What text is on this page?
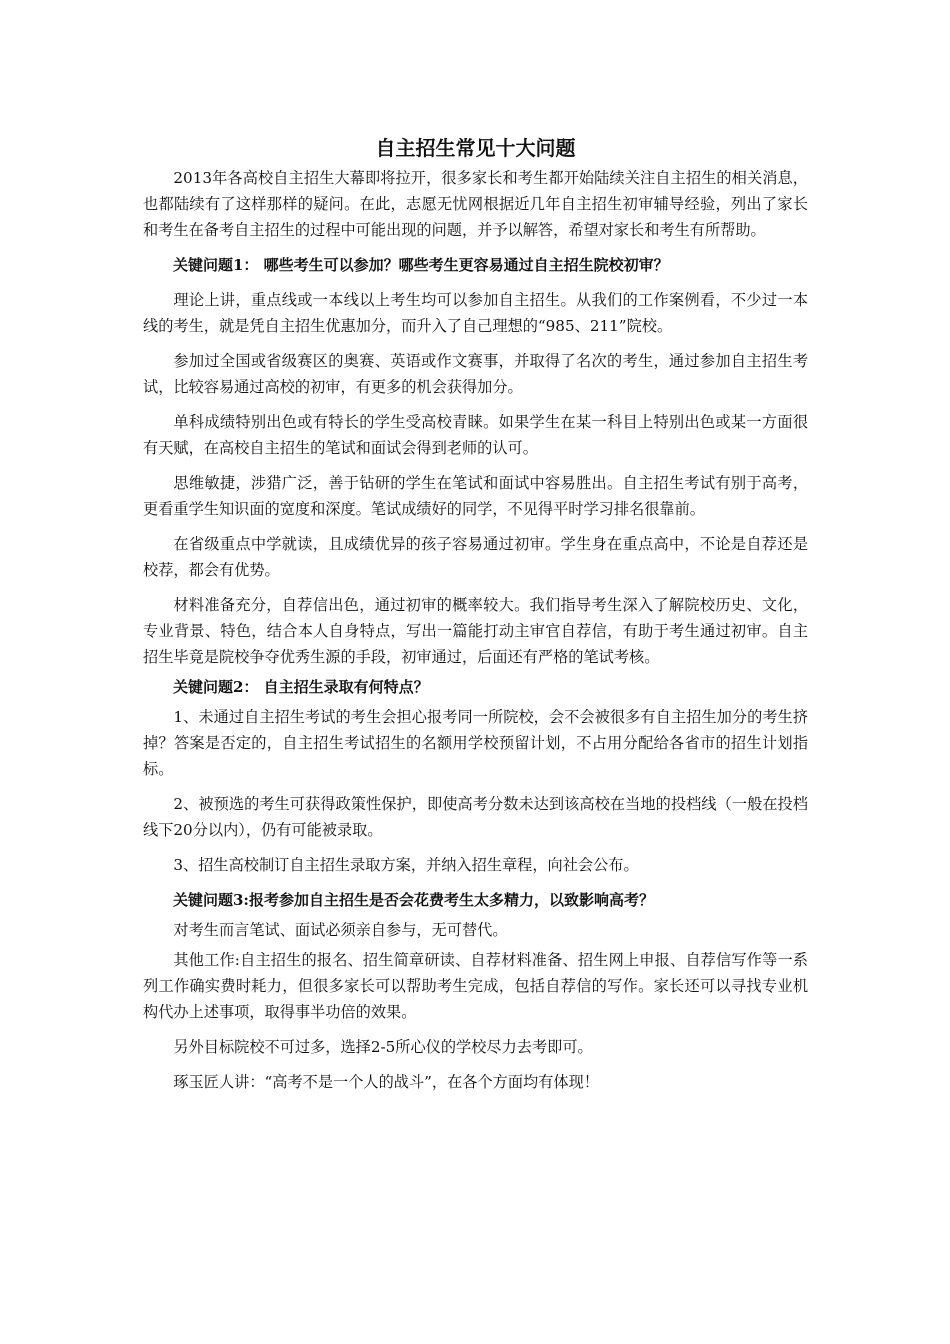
自主招生常见十大问题

2013年各高校自主招生大幕即将拉开，很多家长和考生都开始陆续关注自主招生的相关消息，也都陆续有了这样那样的疑问。在此，志愿无忧网根据近几年自主招生初审辅导经验，列出了家长和考生在备考自主招生的过程中可能出现的问题，并予以解答，希望对家长和考生有所帮助。

关键问题1： 哪些考生可以参加？哪些考生更容易通过自主招生院校初审？

理论上讲，重点线或一本线以上考生均可以参加自主招生。从我们的工作案例看，不少过一本线的考生，就是凭自主招生优惠加分，而升入了自己理想的“985、211”院校。

参加过全国或省级赛区的奥赛、英语或作文赛事，并取得了名次的考生，通过参加自主招生考试，比较容易通过高校的初审，有更多的机会获得加分。

单科成绩特别出色或有特长的学生受高校青睐。如果学生在某一科目上特别出色或某一方面很有天赋，在高校自主招生的笔试和面试会得到老师的认可。

思维敏捷，涉猎广泛，善于钻研的学生在笔试和面试中容易胜出。自主招生考试有别于高考，更看重学生知识面的宽度和深度。笔试成绩好的同学，不见得平时学习排名很靠前。

在省级重点中学就读，且成绩优异的孩子容易通过初审。学生身在重点高中，不论是自荐还是校荐，都会有优势。

材料准备充分，自荐信出色，通过初审的概率较大。我们指导考生深入了解院校历史、文化，专业背景、特色，结合本人自身特点，写出一篇能打动主审官自荐信，有助于考生通过初审。自主招生毕竟是院校争夺优秀生源的手段，初审通过，后面还有严格的笔试考核。

关键问题2： 自主招生录取有何特点？

1、未通过自主招生考试的考生会担心报考同一所院校，会不会被很多有自主招生加分的考生挤掉？答案是否定的，自主招生考试招生的名额用学校预留计划，不占用分配给各省市的招生计划指标。

2、被预选的考生可获得政策性保护，即使高考分数未达到该高校在当地的投档线（一般在投档线下20分以内），仍有可能被录取。

3、招生高校制订自主招生录取方案，并纳入招生章程，向社会公布。

关键问题3:报考参加自主招生是否会花费考生太多精力，以致影响高考？

对考生而言笔试、面试必须亲自参与，无可替代。

其他工作:自主招生的报名、招生简章研读、自荐材料准备、招生网上申报、自荐信写作等一系列工作确实费时耗力，但很多家长可以帮助考生完成，包括自荐信的写作。家长还可以寻找专业机构代办上述事项，取得事半功倍的效果。

另外目标院校不可过多，选择2-5所心仪的学校尽力去考即可。

琢玉匠人讲：“高考不是一个人的战斗”，在各个方面均有体现！
